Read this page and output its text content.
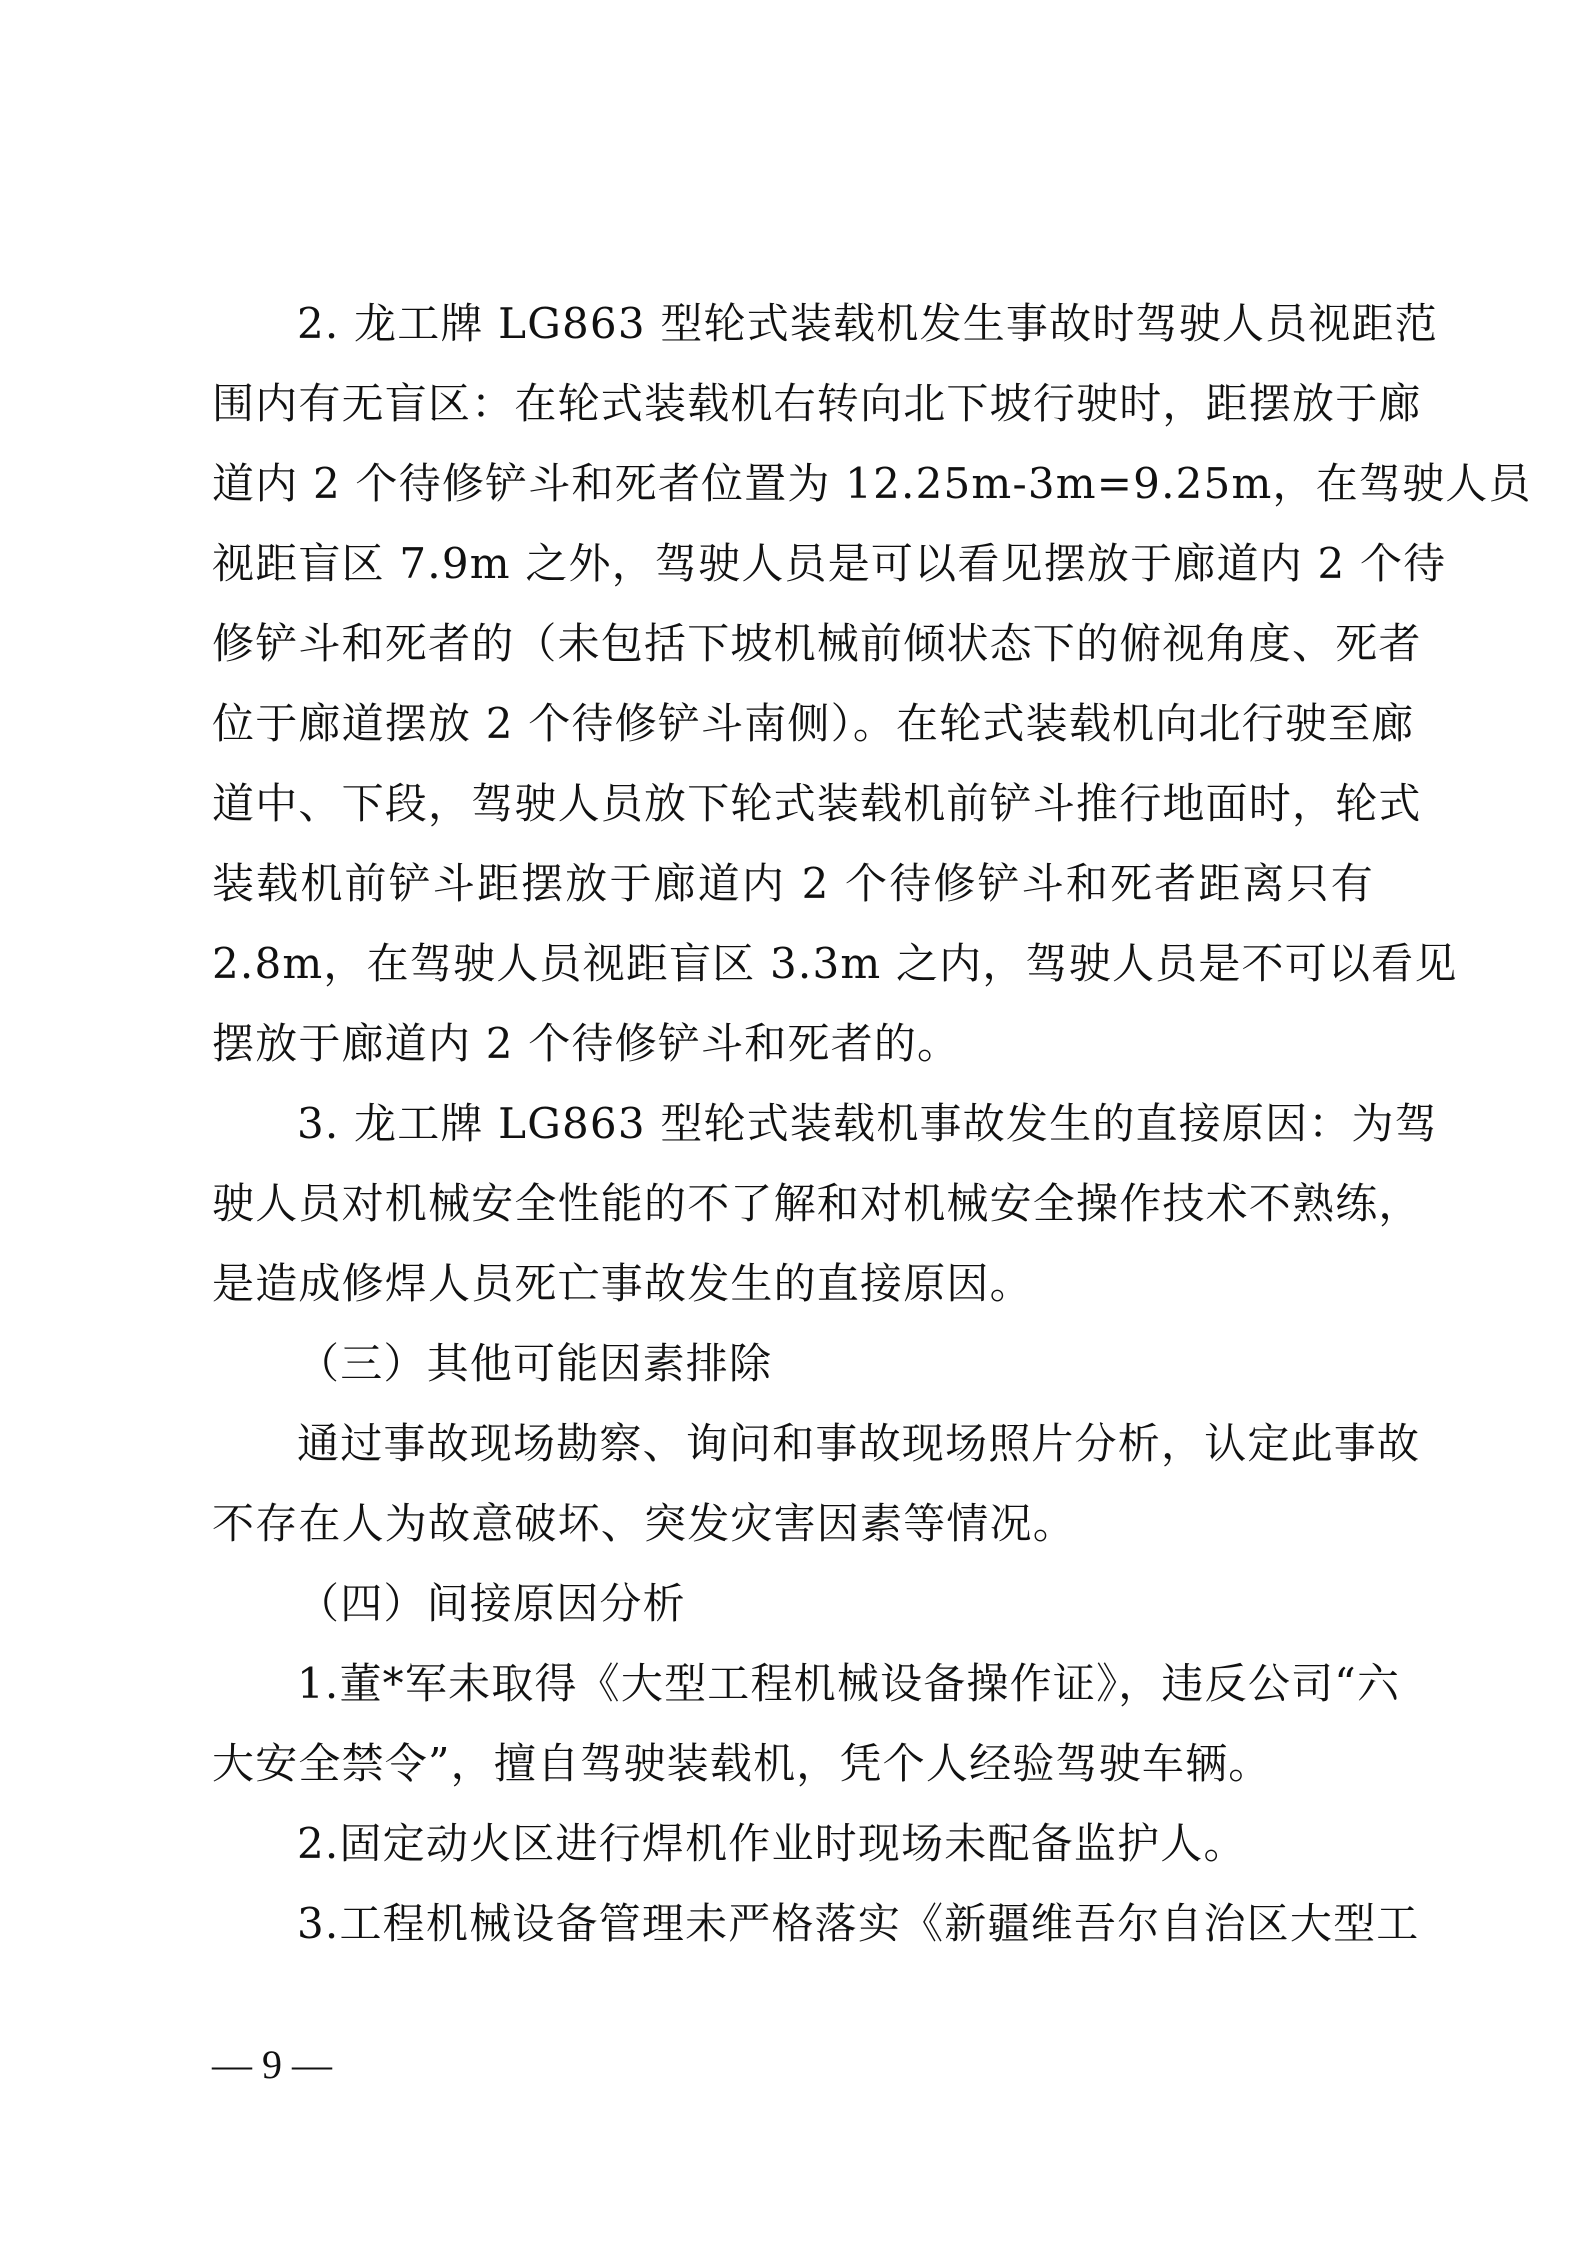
2. 龙工牌 LG863 型轮式装载机发生事故时驾驶人员视距范
围内有无盲区：在轮式装载机右转向北下坡行驶时，距摆放于廊
道内 2 个待修铲斗和死者位置为 12.25m-3m=9.25m，在驾驶人员
视距盲区 7.9m 之外，驾驶人员是可以看见摆放于廊道内 2 个待
修铲斗和死者的（未包括下坡机械前倾状态下的俯视角度、死者
位于廊道摆放 2 个待修铲斗南侧）。在轮式装载机向北行驶至廊
道中、下段，驾驶人员放下轮式装载机前铲斗推行地面时，轮式
装载机前铲斗距摆放于廊道内 2 个待修铲斗和死者距离只有
2.8m，在驾驶人员视距盲区 3.3m 之内，驾驶人员是不可以看见
摆放于廊道内 2 个待修铲斗和死者的。
3. 龙工牌 LG863 型轮式装载机事故发生的直接原因：为驾
驶人员对机械安全性能的不了解和对机械安全操作技术不熟练，
是造成修焊人员死亡事故发生的直接原因。
（三）其他可能因素排除
通过事故现场勘察、询问和事故现场照片分析，认定此事故
不存在人为故意破坏、突发灾害因素等情况。
（四）间接原因分析
1.董*军未取得《大型工程机械设备操作证》，违反公司“六
大安全禁令”，擅自驾驶装载机，凭个人经验驾驶车辆。
2.固定动火区进行焊机作业时现场未配备监护人。
3.工程机械设备管理未严格落实《新疆维吾尔自治区大型工
— 9 —
